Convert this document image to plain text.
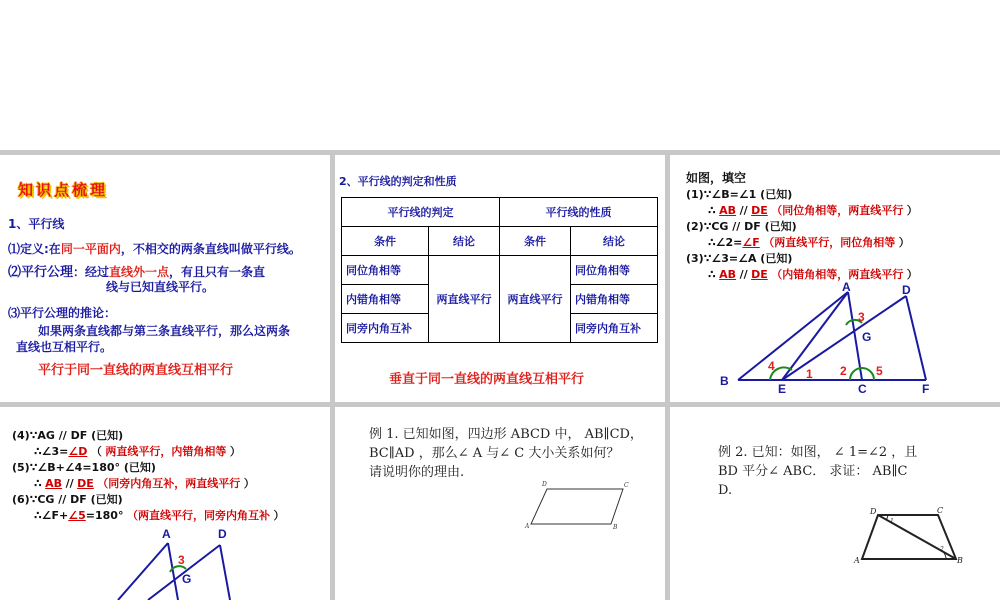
知识点梳理
1、平行线
⑴定义:在同一平面内，不相交的两条直线叫做平行线。
⑵平行公理：经过直线外一点，有且只有一条直
线与已知直线平行。
⑶平行公理的推论：
如果两条直线都与第三条直线平行，那么这两条
直线也互相平行。
平行于同一直线的两直线互相平行
2、平行线的判定和性质
平行线的判定		平行线的性质	
条件	结论	条件	结论
同位角相等	两直线平行	两直线平行	同位角相等
内错角相等			内错角相等
同旁内角互补			同旁内角互补
垂直于同一直线的两直线互相平行
如图，填空
(1)∵∠B=∠1 (已知)
∴ AB // DE （同位角相等，两直线平行 ）
(2)∵CG // DF (已知)
∴∠2=∠F （两直线平行，同位角相等 ）
(3)∵∠3=∠A (已知)
∴ AB // DE （内错角相等，两直线平行 ）
A	D
G
B
E	C	F
1 2
3
4	5
(4)∵AG // DF (已知)
∴∠3=∠D （ 两直线平行，内错角相等 ）
(5)∵∠B+∠4=180° (已知)
∴ AB // DE （同旁内角互补，两直线平行 ）
(6)∵CG // DF (已知)
∴∠F+∠5=180° （两直线平行，同旁内角互补 ）
A	D
G
3
例 1. 已知如图，四边形 ABCD 中， AB∥CD，
BC∥AD ，那么∠ A 与∠ C 大小关系如何？
请说明你的理由.
A	B
C
D
例 2. 已知：如图， ∠ 1=∠2 ，且
BD 平分∠ ABC． 求证： AB∥C
D.
A	B
C
D
1
2
